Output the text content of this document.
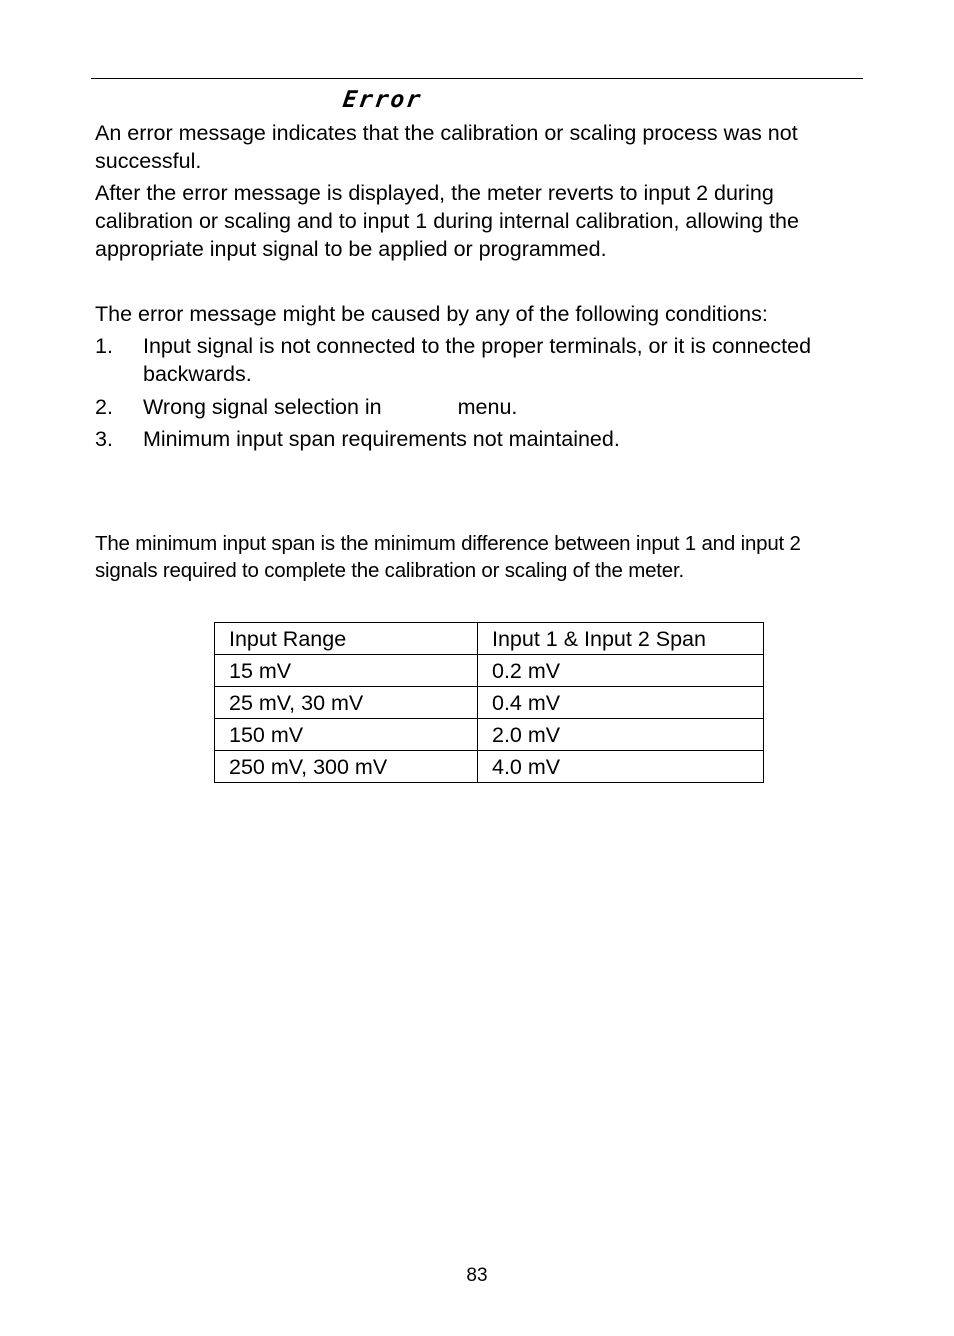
Error

An error message indicates that the calibration or scaling process was not successful.

After the error message is displayed, the meter reverts to input 2 during calibration or scaling and to input 1 during internal calibration, allowing the appropriate input signal to be applied or programmed.

The error message might be caused by any of the following conditions:

1. Input signal is not connected to the proper terminals, or it is connected backwards.
2. Wrong signal selection in	menu.
3. Minimum input span requirements not maintained.

The minimum input span is the minimum difference between input 1 and input 2 signals required to complete the calibration or scaling of the meter.

Input Range	Input 1 & Input 2 Span
15 mV	0.2 mV
25 mV, 30 mV	0.4 mV
150 mV	2.0 mV
250 mV, 300 mV	4.0 mV
83
